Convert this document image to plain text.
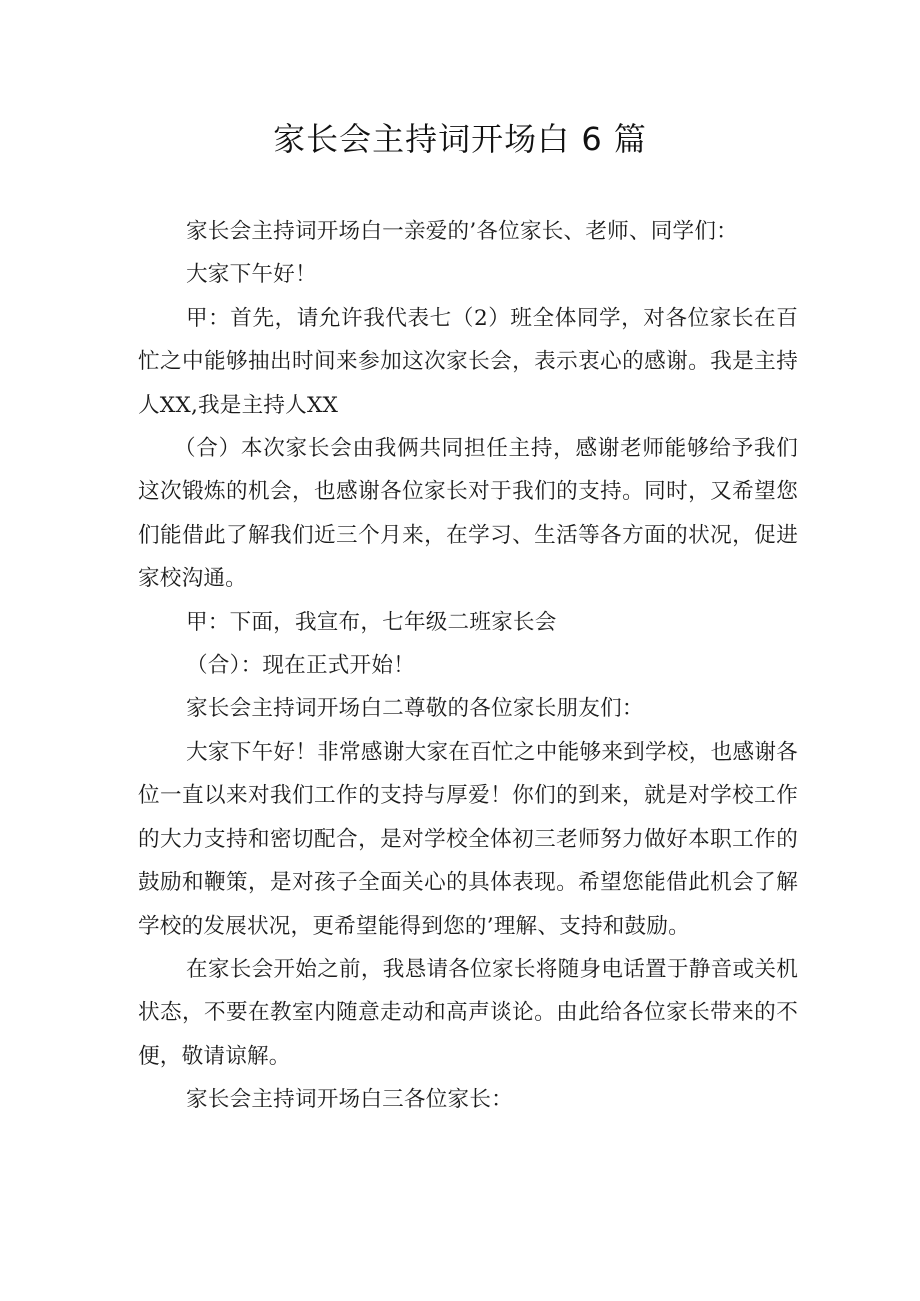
家长会主持词开场白 6 篇

家长会主持词开场白一亲爱的’各位家长、老师、同学们：

大家下午好！

甲：首先，请允许我代表七（2）班全体同学，对各位家长在百忙之中能够抽出时间来参加这次家长会，表示衷心的感谢。我是主持人XX,我是主持人XX

（合）本次家长会由我俩共同担任主持，感谢老师能够给予我们这次锻炼的机会，也感谢各位家长对于我们的支持。同时，又希望您们能借此了解我们近三个月来，在学习、生活等各方面的状况，促进家校沟通。

甲：下面，我宣布，七年级二班家长会

（合）：现在正式开始！

家长会主持词开场白二尊敬的各位家长朋友们：

大家下午好！非常感谢大家在百忙之中能够来到学校，也感谢各位一直以来对我们工作的支持与厚爱！你们的到来，就是对学校工作的大力支持和密切配合，是对学校全体初三老师努力做好本职工作的鼓励和鞭策，是对孩子全面关心的具体表现。希望您能借此机会了解学校的发展状况，更希望能得到您的’理解、支持和鼓励。

在家长会开始之前，我恳请各位家长将随身电话置于静音或关机状态，不要在教室内随意走动和高声谈论。由此给各位家长带来的不便，敬请谅解。

家长会主持词开场白三各位家长：
